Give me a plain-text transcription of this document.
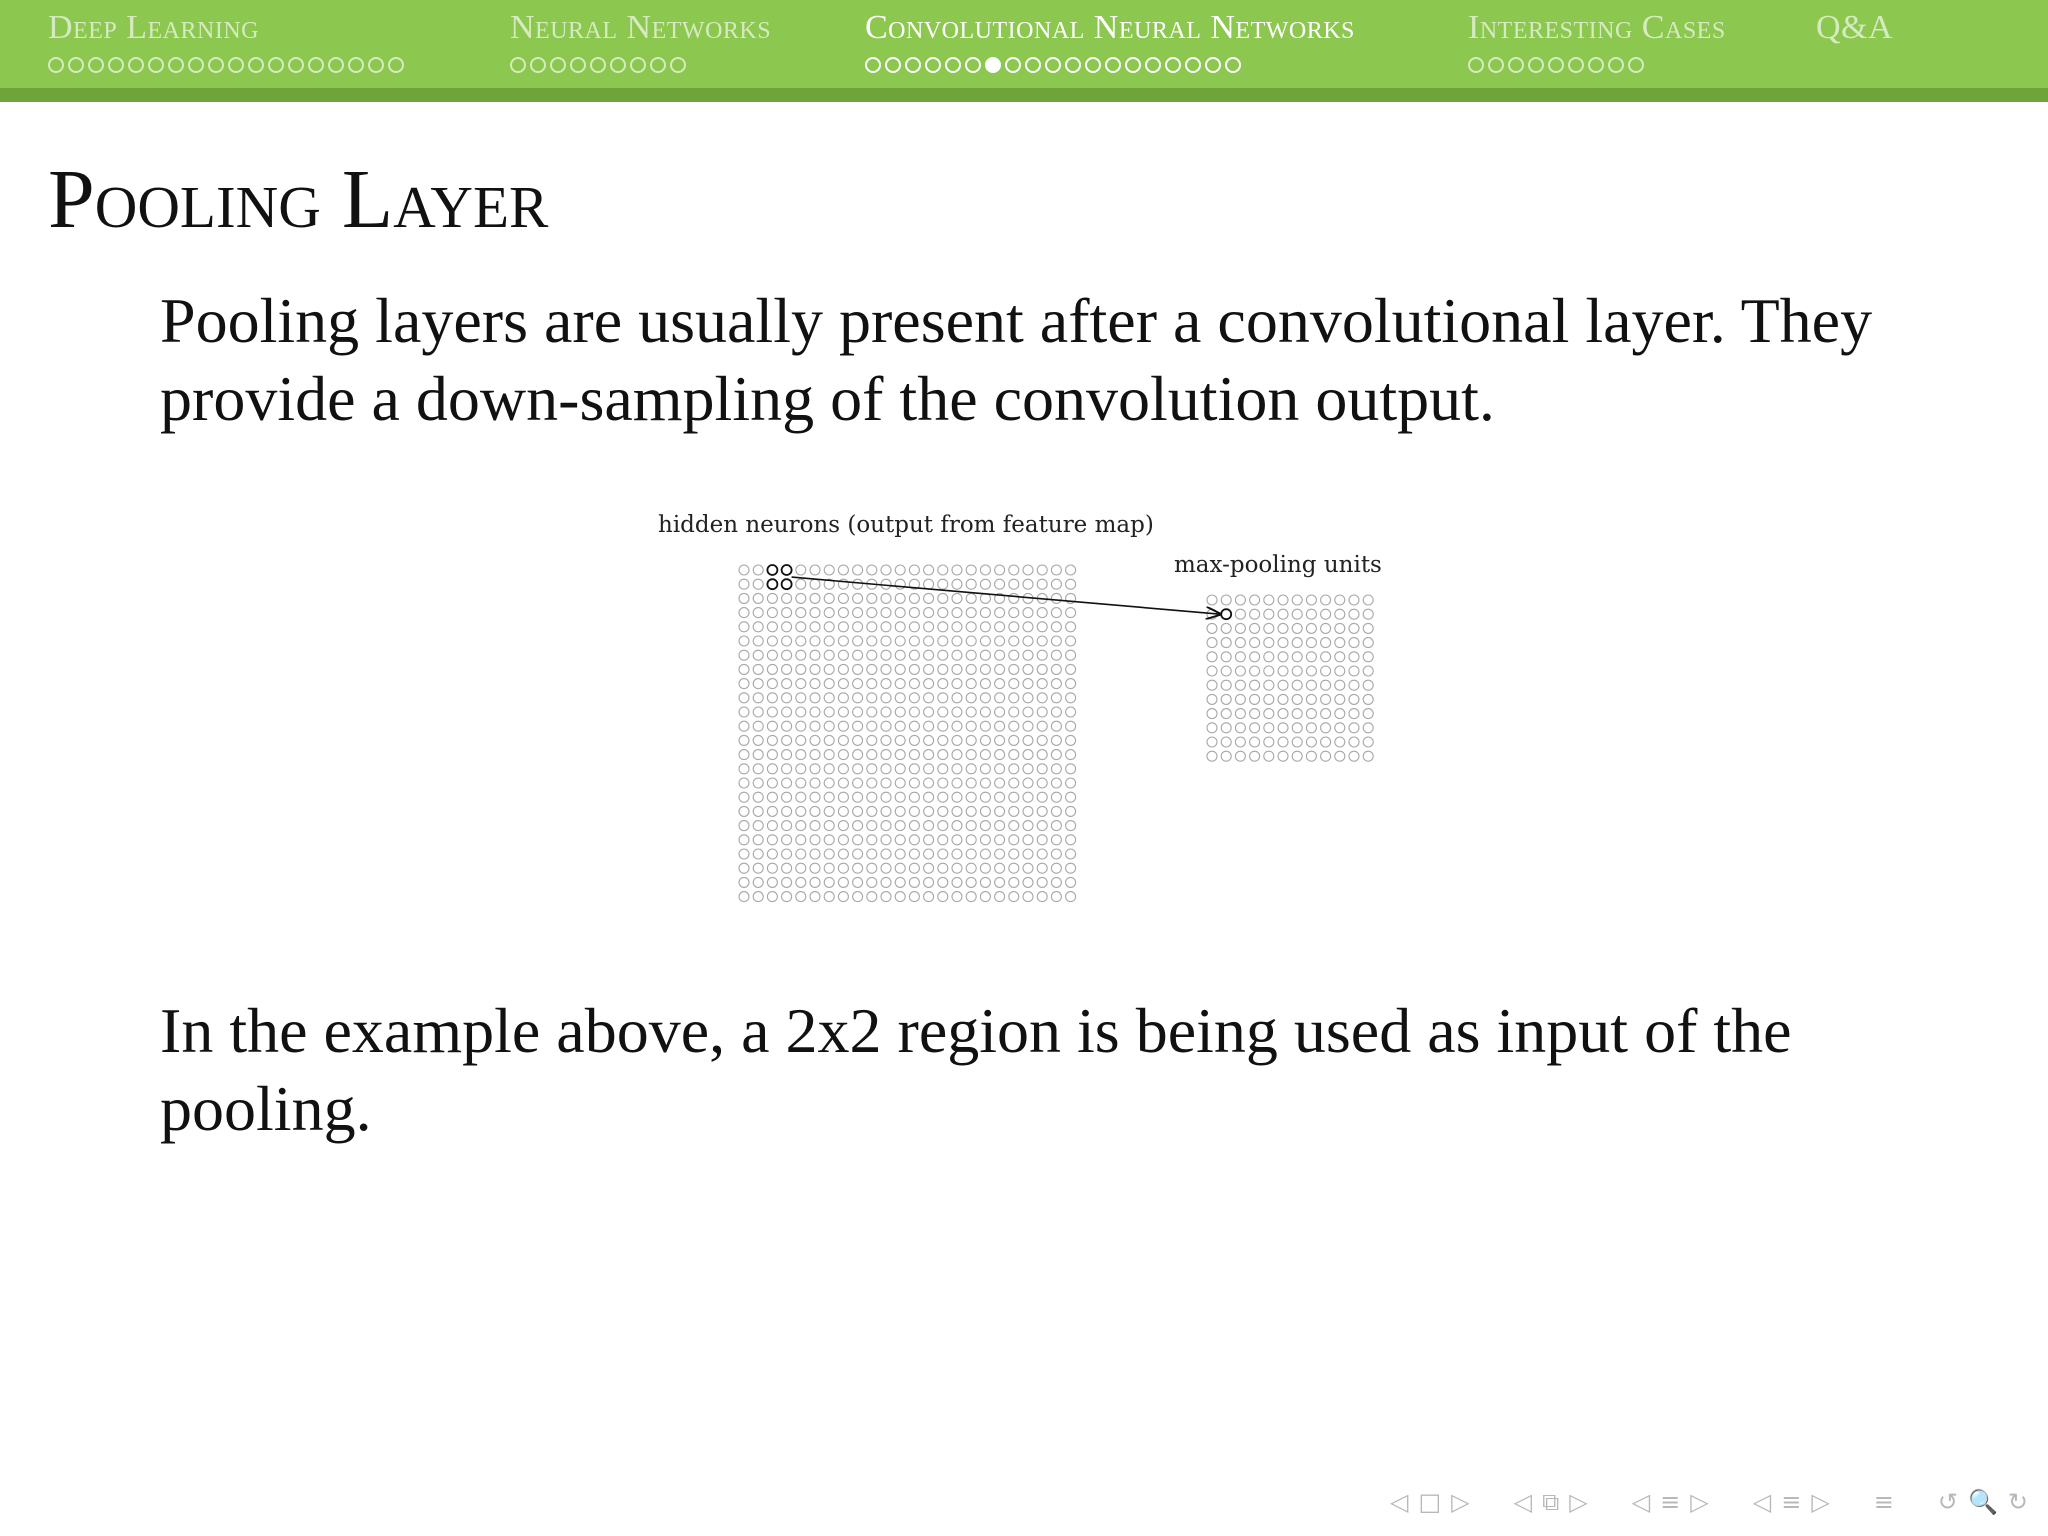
Deep Learning	Neural Networks	Convolutional Neural Networks	Interesting Cases	Q&A
Pooling Layer
Pooling layers are usually present after a convolutional layer. They provide a down-sampling of the convolution output.
hidden neurons (output from feature map)
max-pooling units
In the example above, a 2x2 region is being used as input of the pooling.
◁ □ ▷ ◁ ⧉ ▷ ◁ ≡ ▷ ◁ ≡ ▷ ≡ ↺ 🔍 ↻
